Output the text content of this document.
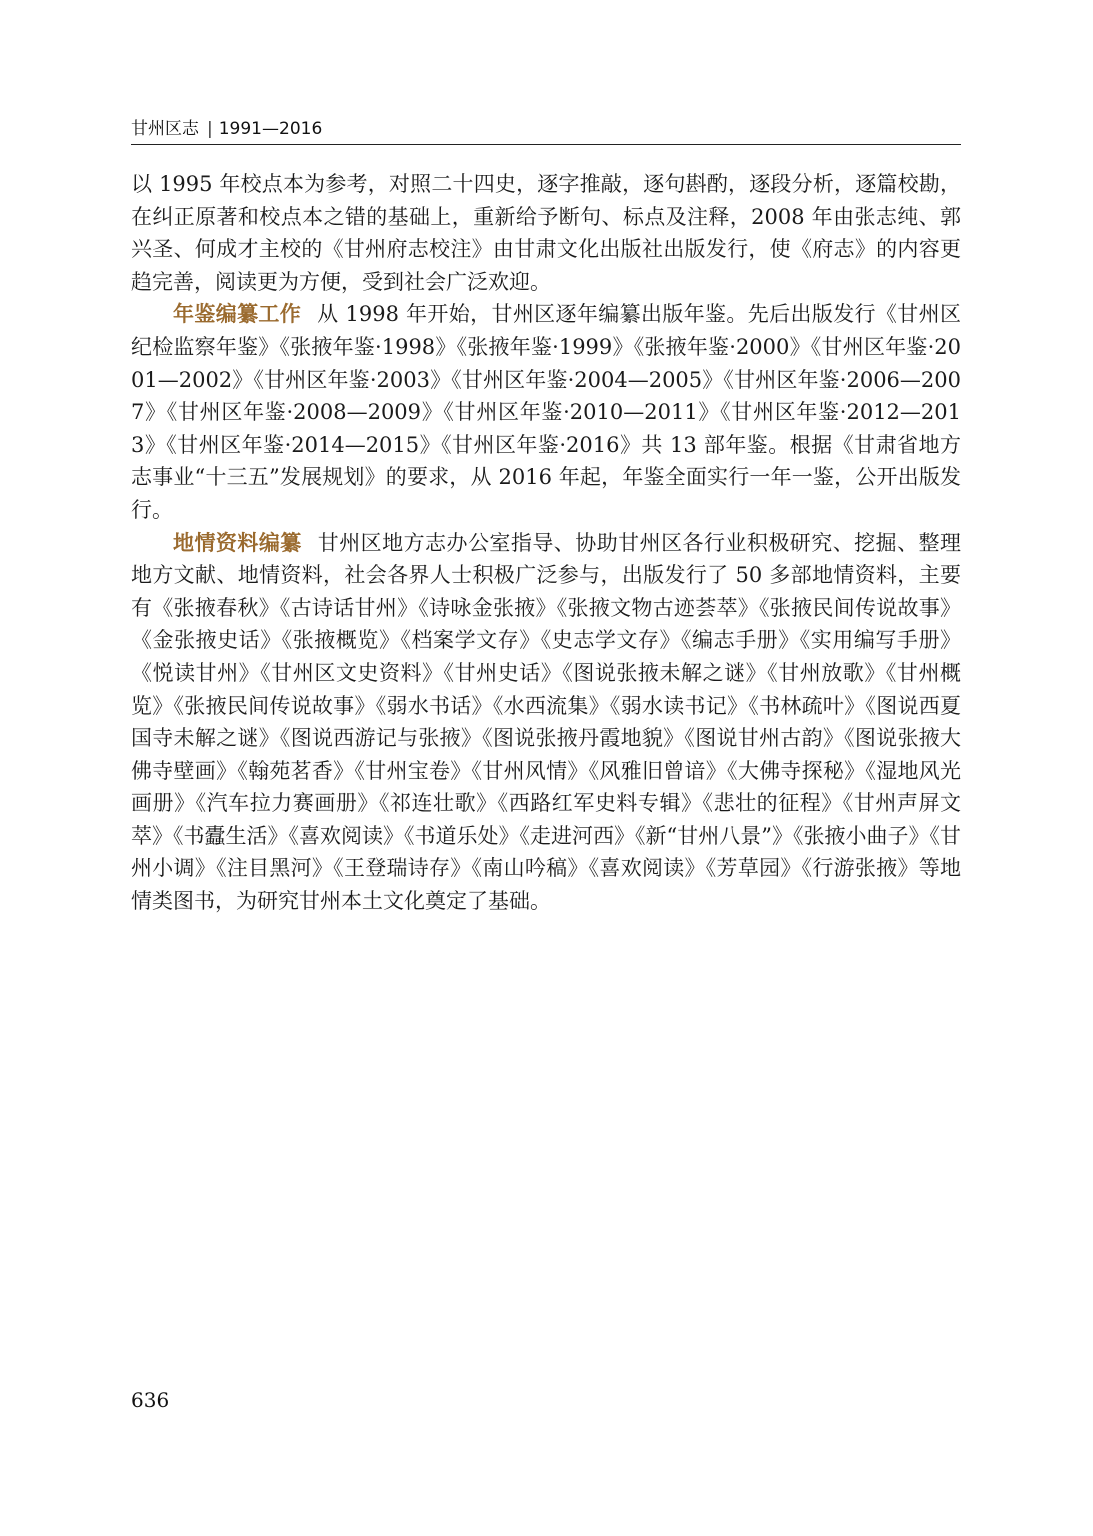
甘州区志 | 1991—2016

以 1995 年校点本为参考，对照二十四史，逐字推敲，逐句斟酌，逐段分析，逐篇校勘，在纠正原著和校点本之错的基础上，重新给予断句、标点及注释，2008 年由张志纯、郭兴圣、何成才主校的《甘州府志校注》由甘肃文化出版社出版发行，使《府志》的内容更趋完善，阅读更为方便，受到社会广泛欢迎。

年鉴编纂工作 从 1998 年开始，甘州区逐年编纂出版年鉴。先后出版发行《甘州区纪检监察年鉴》《张掖年鉴·1998》《张掖年鉴·1999》《张掖年鉴·2000》《甘州区年鉴·2001—2002》《甘州区年鉴·2003》《甘州区年鉴·2004—2005》《甘州区年鉴·2006—2007》《甘州区年鉴·2008—2009》《甘州区年鉴·2010—2011》《甘州区年鉴·2012—2013》《甘州区年鉴·2014—2015》《甘州区年鉴·2016》共 13 部年鉴。根据《甘肃省地方志事业“十三五”发展规划》的要求，从 2016 年起，年鉴全面实行一年一鉴，公开出版发行。

地情资料编纂 甘州区地方志办公室指导、协助甘州区各行业积极研究、挖掘、整理地方文献、地情资料，社会各界人士积极广泛参与，出版发行了 50 多部地情资料，主要有《张掖春秋》《古诗话甘州》《诗咏金张掖》《张掖文物古迹荟萃》《张掖民间传说故事》《金张掖史话》《张掖概览》《档案学文存》《史志学文存》《编志手册》《实用编写手册》《悦读甘州》《甘州区文史资料》《甘州史话》《图说张掖未解之谜》《甘州放歌》《甘州概览》《张掖民间传说故事》《弱水书话》《水西流集》《弱水读书记》《书林疏叶》《图说西夏国寺未解之谜》《图说西游记与张掖》《图说张掖丹霞地貌》《图说甘州古韵》《图说张掖大佛寺壁画》《翰苑茗香》《甘州宝卷》《甘州风情》《风雅旧曾谙》《大佛寺探秘》《湿地风光画册》《汽车拉力赛画册》《祁连壮歌》《西路红军史料专辑》《悲壮的征程》《甘州声屏文萃》《书蠹生活》《喜欢阅读》《书道乐处》《走进河西》《新“甘州八景”》《张掖小曲子》《甘州小调》《注目黑河》《王登瑞诗存》《南山吟稿》《喜欢阅读》《芳草园》《行游张掖》等地情类图书，为研究甘州本土文化奠定了基础。

636
